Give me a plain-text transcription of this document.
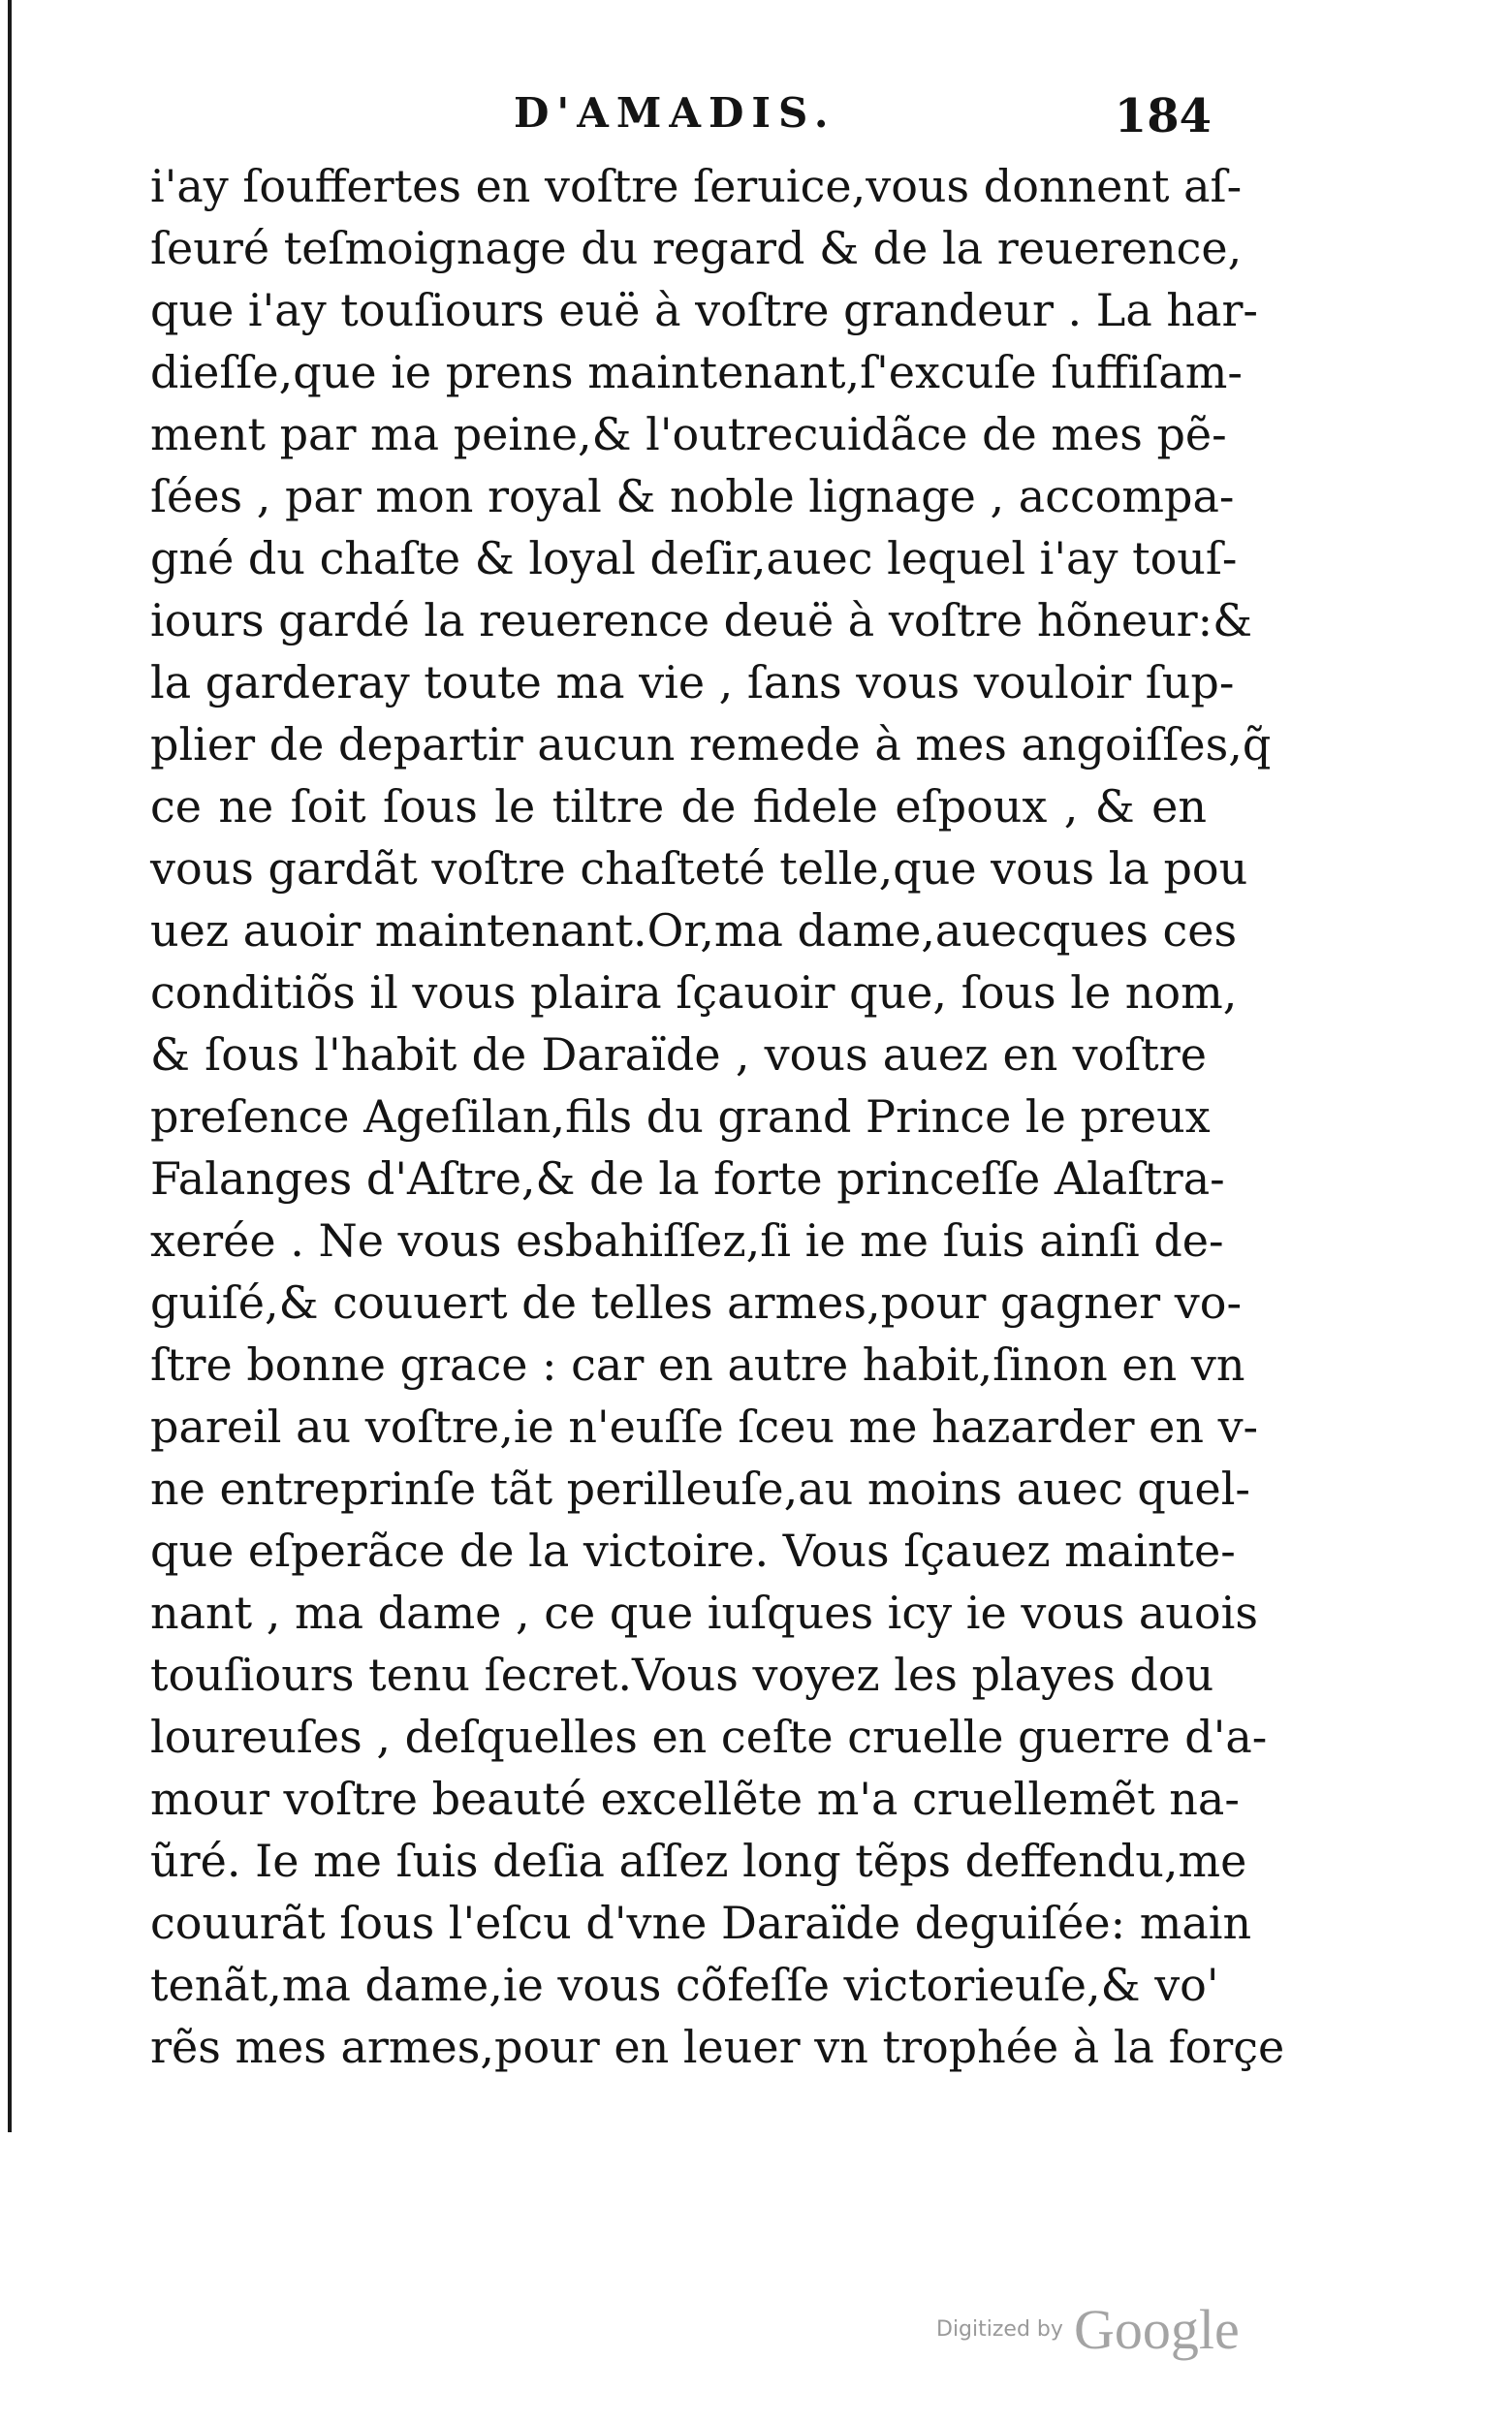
D'AMADIS.	184
i'ay ſouffertes en voſtre ſeruice,vous donnent aſ-
ſeuré teſmoignage du regard & de la reuerence,
que i'ay touſiours euë à voſtre grandeur . La har-
dieſſe,que ie prens maintenant,ſ'excuſe ſuffiſam-
ment par ma peine,& l'outrecuidãce de mes pẽ-
ſées , par mon royal & noble lignage , accompa-
gné du chaſte & loyal deſir,auec lequel i'ay touſ-
iours gardé la reuerence deuë à voſtre hõneur:&
la garderay toute ma vie , ſans vous vouloir ſup-
plier de departir aucun remede à mes angoiſſes,q̃
ce ne ſoit ſous le tiltre de fidele eſpoux , & en
vous gardãt voſtre chaſteté telle,que vous la pou
uez auoir maintenant.Or,ma dame,auecques ces
conditiõs il vous plaira ſçauoir que, ſous le nom,
& ſous l'habit de Daraïde , vous auez en voſtre
preſence Ageſilan,fils du grand Prince le preux
Falanges d'Aſtre,& de la forte princeſſe Alaſtra-
xerée . Ne vous esbahiſſez,ſi ie me ſuis ainſi de-
guiſé,& couuert de telles armes,pour gagner vo-
ſtre bonne grace : car en autre habit,ſinon en vn
pareil au voſtre,ie n'euſſe ſceu me hazarder en v-
ne entreprinſe tãt perilleuſe,au moins auec quel-
que eſperãce de la victoire. Vous ſçauez mainte-
nant , ma dame , ce que iuſques icy ie vous auois
touſiours tenu ſecret.Vous voyez les playes dou
loureuſes , deſquelles en ceſte cruelle guerre d'a-
mour voſtre beauté excellẽte m'a cruellemẽt na-
ũré. Ie me ſuis deſia aſſez long tẽps deffendu,me
couurãt ſous l'eſcu d'vne Daraïde deguiſée: main
tenãt,ma dame,ie vous cõfeſſe victorieuſe,& vo'
rẽs mes armes,pour en leuer vn trophée à la forçe
Digitized by Google
